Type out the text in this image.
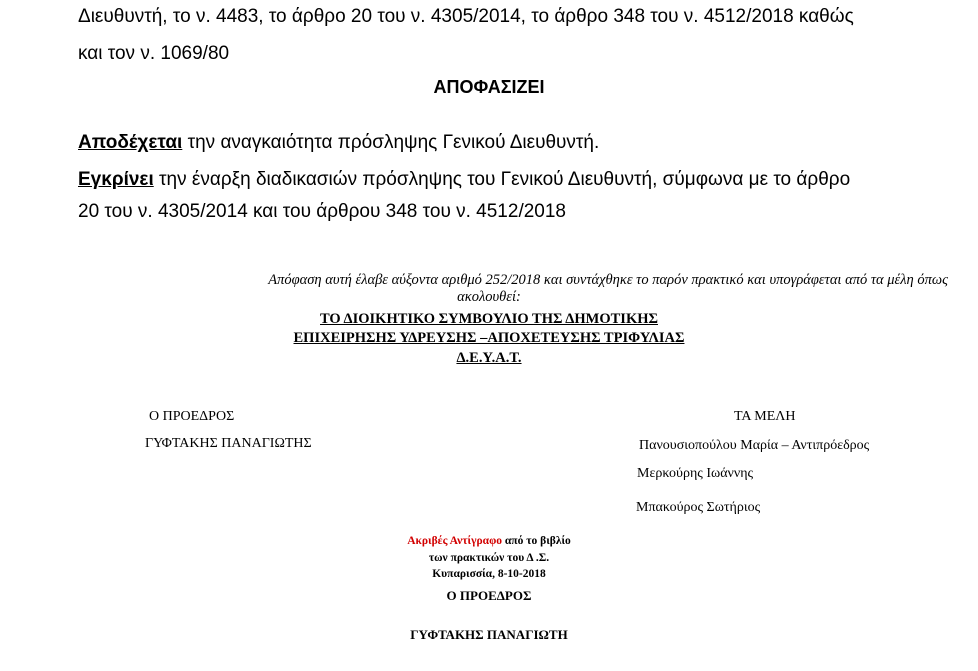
Διευθυντή, το ν. 4483, το άρθρο 20 του ν. 4305/2014, το άρθρο 348 του ν. 4512/2018 καθώς
και τον ν. 1069/80
ΑΠΟΦΑΣΙΖΕΙ
Αποδέχεται την αναγκαιότητα πρόσληψης Γενικού Διευθυντή.
Εγκρίνει την έναρξη διαδικασιών πρόσληψης του Γενικού Διευθυντή, σύμφωνα με το άρθρο
20 του ν. 4305/2014 και του άρθρου 348 του ν. 4512/2018
Απόφαση αυτή έλαβε αύξοντα αριθμό 252/2018 και συντάχθηκε το παρόν πρακτικό και υπογράφεται από τα μέλη όπως
ακολουθεί:
ΤΟ ΔΙΟΙΚΗΤΙΚΟ ΣΥΜΒΟΥΛΙΟ ΤΗΣ ΔΗΜΟΤΙΚΗΣ
ΕΠΙΧΕΙΡΗΣΗΣ ΥΔΡΕΥΣΗΣ –ΑΠΟΧΕΤΕΥΣΗΣ ΤΡΙΦΥΛΙΑΣ
Δ.Ε.Υ.Α.Τ.
Ο ΠΡΟΕΔΡΟΣ
ΓΥΦΤΑΚΗΣ ΠΑΝΑΓΙΩΤΗΣ
ΤΑ ΜΕΛΗ
Πανουσιοπούλου Μαρία – Αντιπρόεδρος
Μερκούρης Ιωάννης
Μπακούρος Σωτήριος
Ακριβές Αντίγραφο από το βιβλίο
των πρακτικών του Δ .Σ.
Κυπαρισσία, 8-10-2018
Ο ΠΡΟΕΔΡΟΣ
ΓΥΦΤΑΚΗΣ ΠΑΝΑΓΙΩΤΗ
